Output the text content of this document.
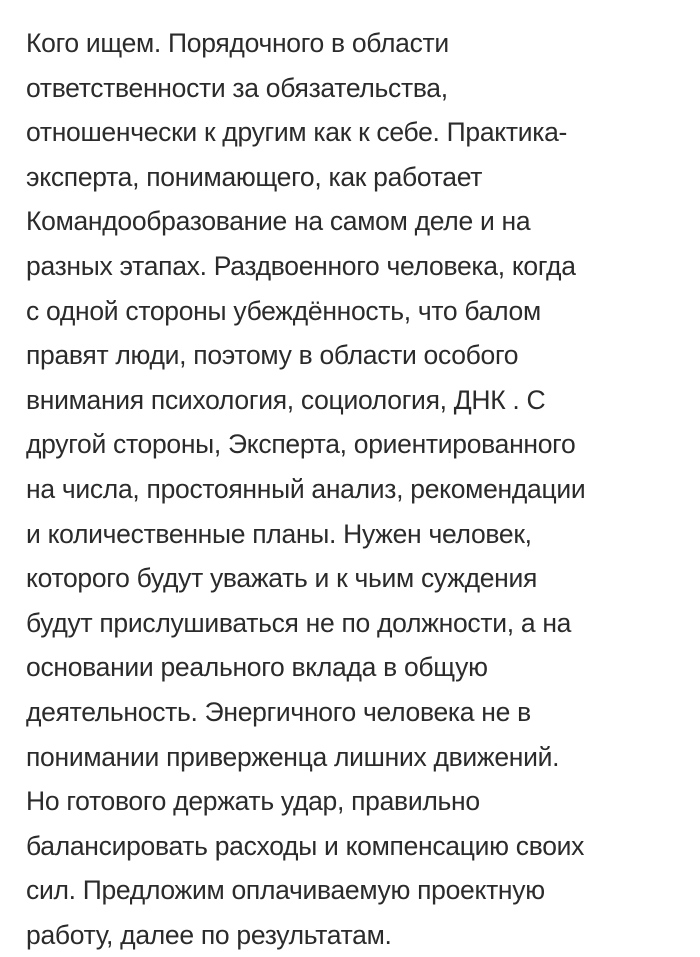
Кого ищем. Порядочного в области
ответственности за обязательства,
отношенчески к другим как к себе. Практика-
эксперта, понимающего, как работает
Командообразование на самом деле и на
разных этапах. Раздвоенного человека, когда
с одной стороны убеждённость, что балом
правят люди, поэтому в области особого
внимания психология, социология, ДНК . С
другой стороны, Эксперта, ориентированного
на числа, простоянный анализ, рекомендации
и количественные планы. Нужен человек,
которого будут уважать и к чьим суждения
будут прислушиваться не по должности, а на
основании реального вклада в общую
деятельность. Энергичного человека не в
понимании приверженца лишних движений.
Но готового держать удар, правильно
балансировать расходы и компенсацию своих
сил. Предложим оплачиваемую проектную
работу, далее по результатам.
